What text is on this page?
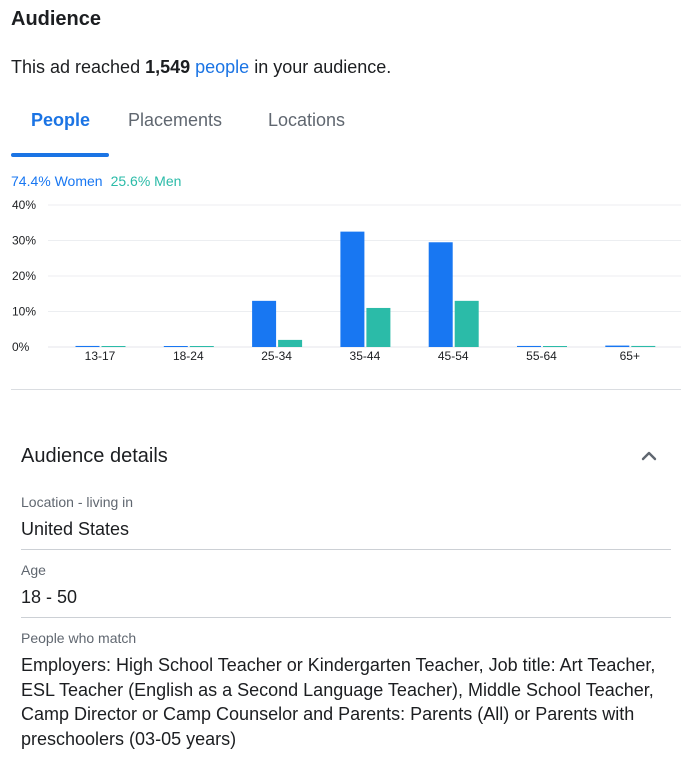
Audience
This ad reached 1,549 people in your audience.
People Placements	Locations
74.4% Women 25.6% Men
0%
10%
20%
30%
40%
13-17	18-24	25-34	35-44	45-54	55-64	65+
Audience details
Location - living in
United States
Age
18 - 50
People who match
Employers: High School Teacher or Kindergarten Teacher, Job title: Art Teacher, ESL Teacher (English as a Second Language Teacher), Middle School Teacher, Camp Director or Camp Counselor and Parents: Parents (All) or Parents with preschoolers (03-05 years)
